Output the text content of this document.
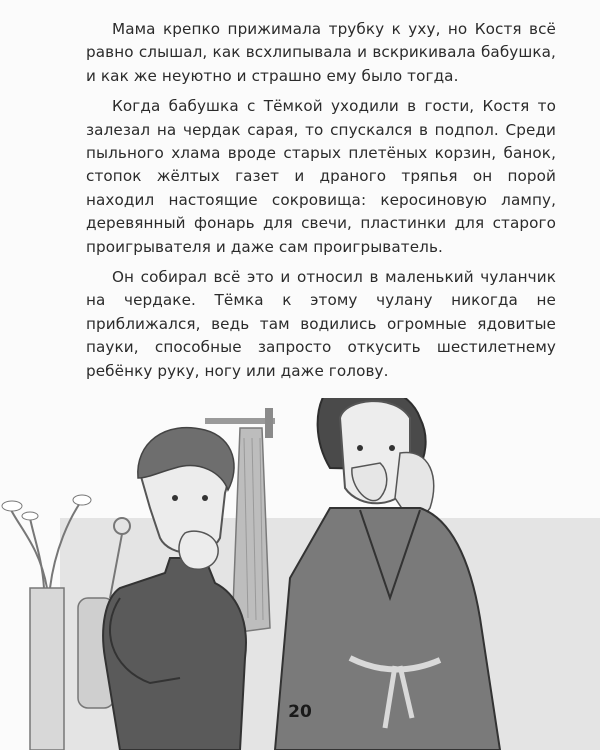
Мама крепко прижимала трубку к уху, но Костя всё равно слышал, как всхлипывала и вскрикивала бабушка, и как же неуютно и страшно ему было тогда.

Когда бабушка с Тёмкой уходили в гости, Костя то залезал на чердак сарая, то спускался в подпол. Среди пыльного хлама вроде старых плетёных корзин, банок, стопок жёлтых газет и драного тряпья он порой находил настоящие сокровища: керосиновую лампу, деревянный фонарь для свечи, пластинки для старого проигрывателя и даже сам проигрыватель.

Он собирал всё это и относил в маленький чуланчик на чердаке. Тёмка к этому чулану никогда не приближался, ведь там водились огромные ядовитые пауки, способные запросто откусить шестилетнему ребёнку руку, ногу или даже голову.

20
